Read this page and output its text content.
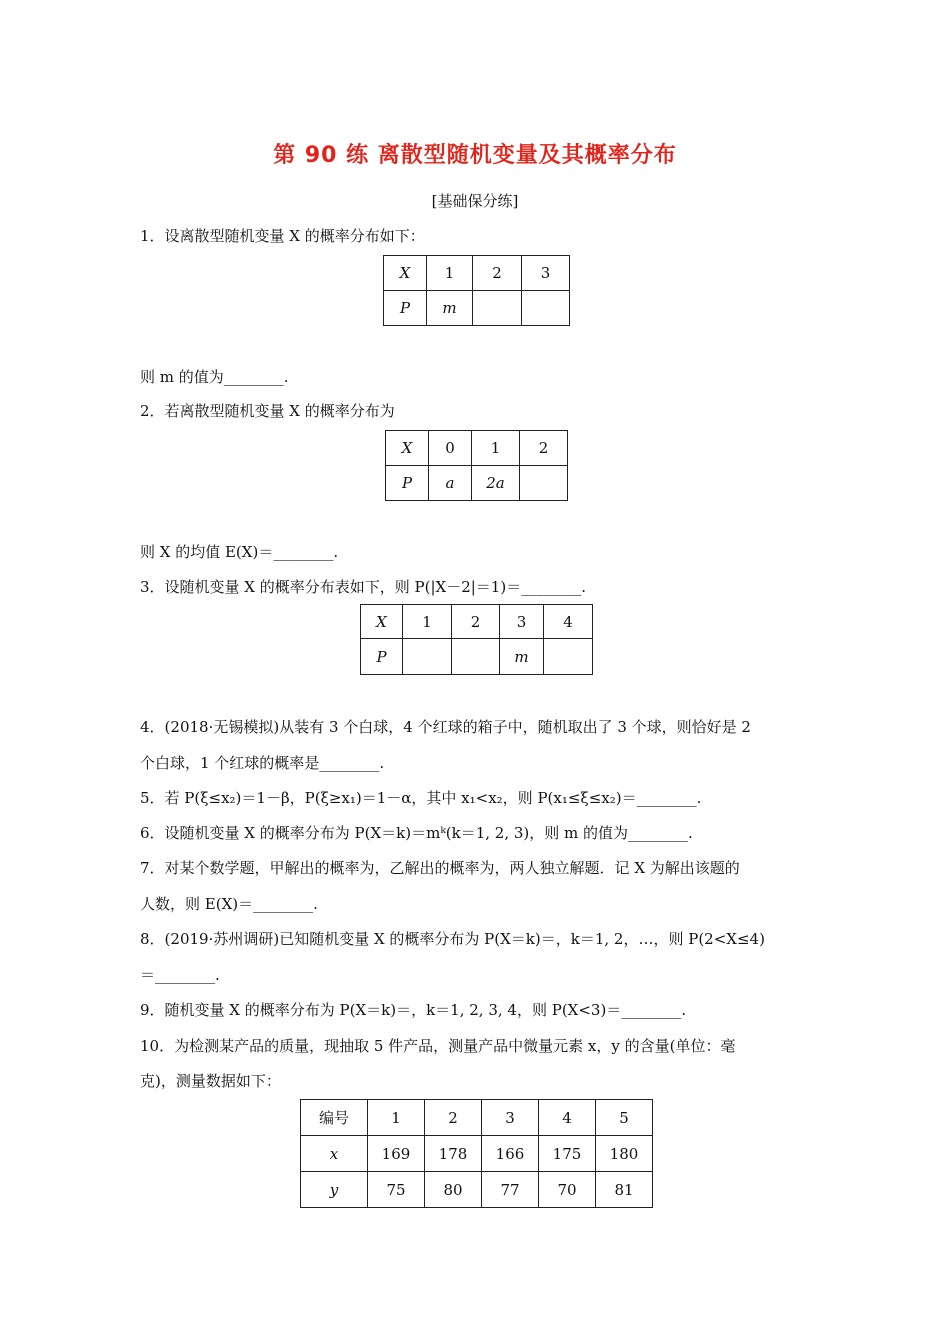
第 90 练 离散型随机变量及其概率分布
[基础保分练]
1．设离散型随机变量 X 的概率分布如下：
X	1	2	3
P	m		
则 m 的值为________.
2．若离散型随机变量 X 的概率分布为
X	0	1	2
P	a	2a	
则 X 的均值 E(X)＝________.
3．设随机变量 X 的概率分布表如下，则 P(|X－2|＝1)＝________.
X	1	2	3	4
P			m	
4．(2018·无锡模拟)从装有 3 个白球，4 个红球的箱子中，随机取出了 3 个球，则恰好是 2
个白球，1 个红球的概率是________.
5．若 P(ξ≤x₂)＝1－β，P(ξ≥x₁)＝1－α，其中 x₁<x₂，则 P(x₁≤ξ≤x₂)＝________.
6．设随机变量 X 的概率分布为 P(X＝k)＝mᵏ(k＝1, 2, 3)，则 m 的值为________.
7．对某个数学题，甲解出的概率为，乙解出的概率为，两人独立解题．记 X 为解出该题的
人数，则 E(X)＝________.
8．(2019·苏州调研)已知随机变量 X 的概率分布为 P(X＝k)＝，k＝1, 2，…，则 P(2<X≤4)
＝________.
9．随机变量 X 的概率分布为 P(X＝k)＝，k＝1, 2, 3, 4，则 P(X<3)＝________.
10．为检测某产品的质量，现抽取 5 件产品，测量产品中微量元素 x，y 的含量(单位：毫
克)，测量数据如下：
编号	1	2	3	4	5
x	169	178	166	175	180
y	75	80	77	70	81
